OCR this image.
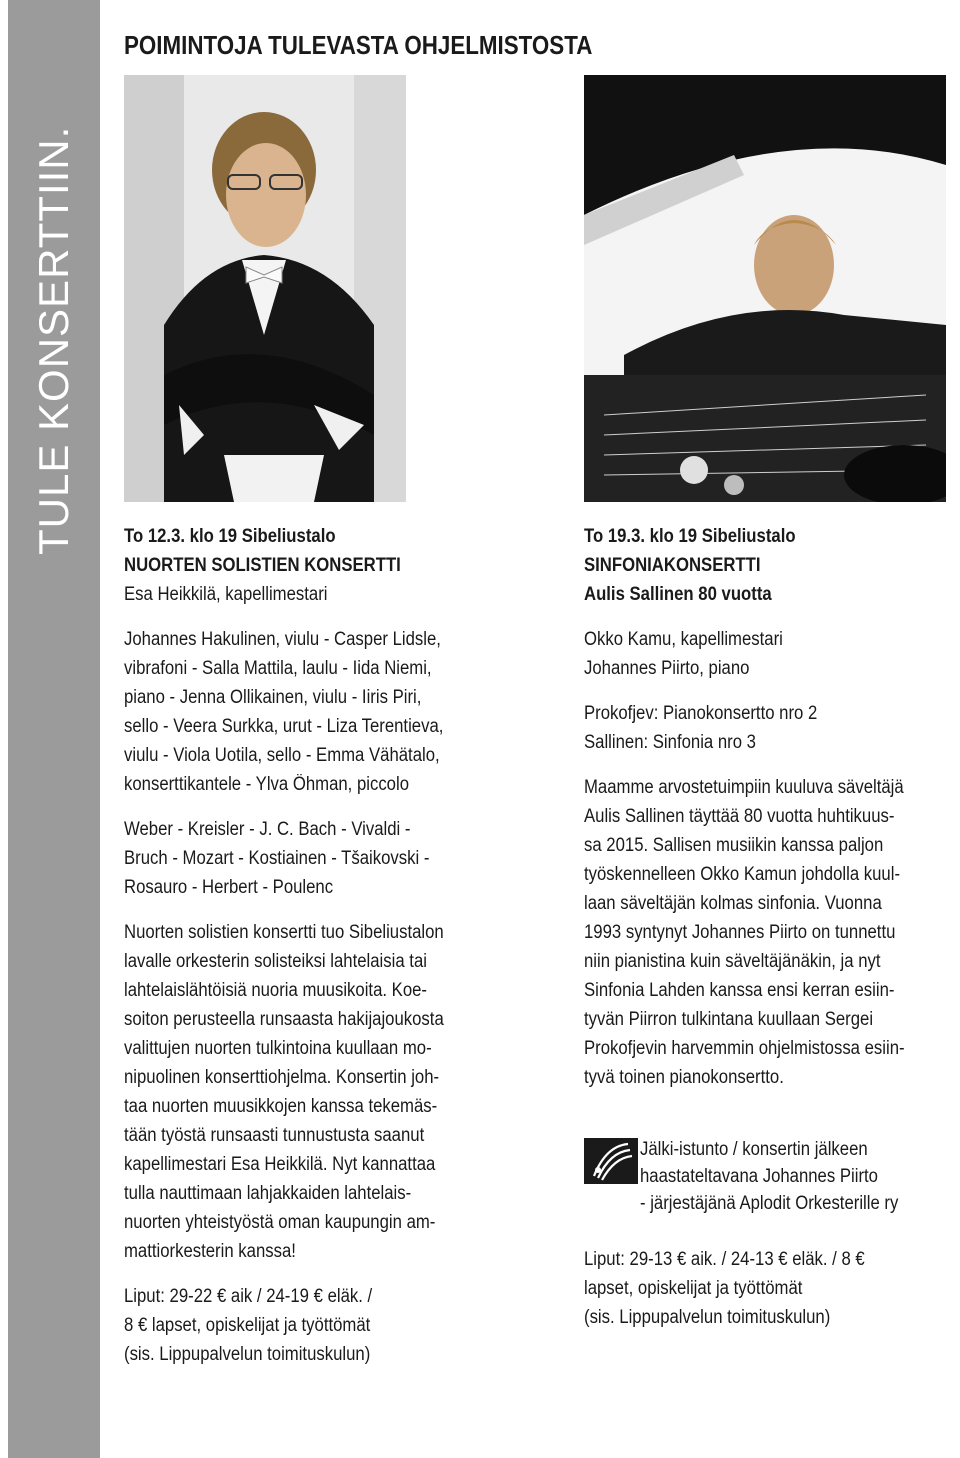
TULE KONSERTTIIN.
POIMINTOJA TULEVASTA OHJELMISTOSTA
To 12.3. klo 19 Sibeliustalo
NUORTEN SOLISTIEN KONSERTTI
Esa Heikkilä, kapellimestari
Johannes Hakulinen, viulu - Casper Lidsle,
vibrafoni - Salla Mattila, laulu - Iida Niemi,
piano - Jenna Ollikainen, viulu - Iiris Piri,
sello - Veera Surkka, urut - Liza Terentieva,
viulu - Viola Uotila, sello - Emma Vähätalo,
konserttikantele - Ylva Öhman, piccolo
Weber - Kreisler - J. C. Bach - Vivaldi -
Bruch - Mozart - Kostiainen - Tšaikovski -
Rosauro - Herbert - Poulenc
Nuorten solistien konsertti tuo Sibeliustalon
lavalle orkesterin solisteiksi lahtelaisia tai
lahtelaislähtöisiä nuoria muusikoita. Koe-
soiton perusteella runsaasta hakijajoukosta
valittujen nuorten tulkintoina kuullaan mo-
nipuolinen konserttiohjelma. Konsertin joh-
taa nuorten muusikkojen kanssa tekemäs-
tään työstä runsaasti tunnustusta saanut
kapellimestari Esa Heikkilä. Nyt kannattaa
tulla nauttimaan lahjakkaiden lahtelais-
nuorten yhteistyöstä oman kaupungin am-
mattiorkesterin kanssa!
Liput: 29-22 € aik / 24-19 € eläk. /
8 € lapset, opiskelijat ja työttömät
(sis. Lippupalvelun toimituskulun)
To 19.3. klo 19 Sibeliustalo
SINFONIAKONSERTTI
Aulis Sallinen 80 vuotta
Okko Kamu, kapellimestari
Johannes Piirto, piano
Prokofjev: Pianokonsertto nro 2
Sallinen: Sinfonia nro 3
Maamme arvostetuimpiin kuuluva säveltäjä
Aulis Sallinen täyttää 80 vuotta huhtikuus-
sa 2015. Sallisen musiikin kanssa paljon
työskennelleen Okko Kamun johdolla kuul-
laan säveltäjän kolmas sinfonia. Vuonna
1993 syntynyt Johannes Piirto on tunnettu
niin pianistina kuin säveltäjänäkin, ja nyt
Sinfonia Lahden kanssa ensi kerran esiin-
tyvän Piirron tulkintana kuullaan Sergei
Prokofjevin harvemmin ohjelmistossa esiin-
tyvä toinen pianokonsertto.
Jälki-istunto / konsertin jälkeen
haastateltavana Johannes Piirto
- järjestäjänä Aplodit Orkesterille ry
Liput: 29-13 € aik. / 24-13 € eläk. / 8 €
lapset, opiskelijat ja työttömät
(sis. Lippupalvelun toimituskulun)
